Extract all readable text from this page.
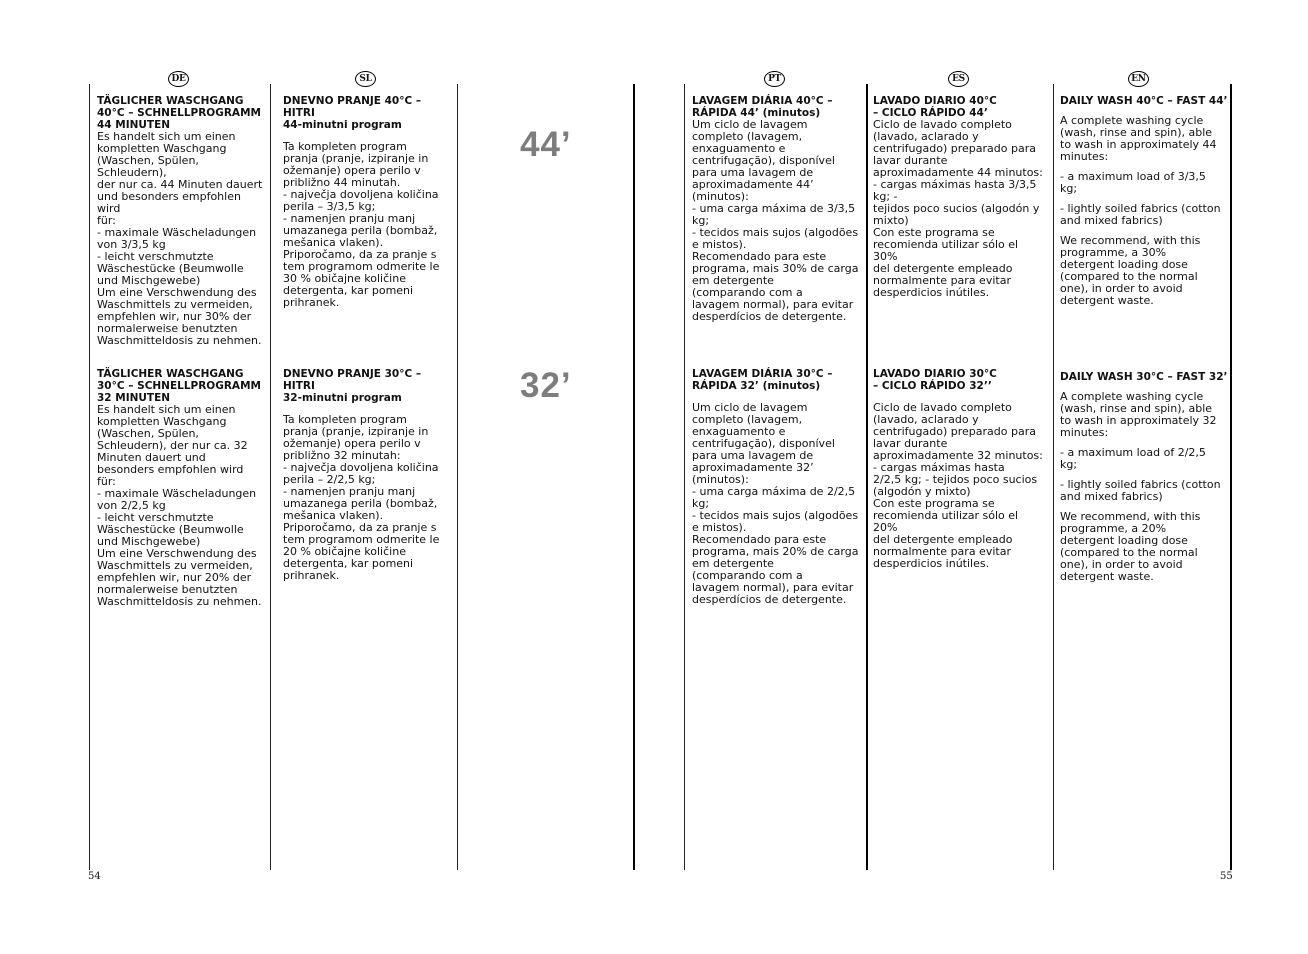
DE	SL	PT	ES	EN
44’
32’
TÄGLICHER WASCHGANG
40°C – SCHNELLPROGRAMM
44 MINUTEN
Es handelt sich um einen
kompletten Waschgang
(Waschen, Spülen, Schleudern),
der nur ca. 44 Minuten dauert
und besonders empfohlen wird
für:
- maximale Wäscheladungen
von 3/3,5 kg
- leicht verschmutzte
Wäschestücke (Beumwolle
und Mischgewebe)
Um eine Verschwendung des
Waschmittels zu vermeiden,
empfehlen wir, nur 30% der
normalerweise benutzten
Waschmitteldosis zu nehmen.
TÄGLICHER WASCHGANG
30°C – SCHNELLPROGRAMM
32 MINUTEN
Es handelt sich um einen
kompletten Waschgang
(Waschen, Spülen,
Schleudern), der nur ca. 32
Minuten dauert und
besonders empfohlen wird
für:
- maximale Wäscheladungen
von 2/2,5 kg
- leicht verschmutzte
Wäschestücke (Beumwolle
und Mischgewebe)
Um eine Verschwendung des
Waschmittels zu vermeiden,
empfehlen wir, nur 20% der
normalerweise benutzten
Waschmitteldosis zu nehmen.
DNEVNO PRANJE 40°C – HITRI
44-minutni program
Ta kompleten program
pranja (pranje, izpiranje in
ožemanje) opera perilo v
približno 44 minutah.
- največja dovoljena količina
perila – 3/3,5 kg;
- namenjen pranju manj
umazanega perila (bombaž,
mešanica vlaken).
Priporočamo, da za pranje s
tem programom odmerite le
30 % običajne količine
detergenta, kar pomeni
prihranek.
DNEVNO PRANJE 30°C – HITRI
32-minutni program
Ta kompleten program
pranja (pranje, izpiranje in
ožemanje) opera perilo v
približno 32 minutah:
- največja dovoljena količina
perila – 2/2,5 kg;
- namenjen pranju manj
umazanega perila (bombaž,
mešanica vlaken).
Priporočamo, da za pranje s
tem programom odmerite le
20 % običajne količine
detergenta, kar pomeni
prihranek.
LAVAGEM DIÁRIA 40°C –
RÁPIDA 44’ (minutos)
Um ciclo de lavagem
completo (lavagem,
enxaguamento e
centrifugação), disponível
para uma lavagem de
aproximadamente 44’
(minutos):
- uma carga máxima de 3/3,5
kg;
- tecidos mais sujos (algodões
e mistos).
Recomendado para este
programa, mais 30% de carga
em detergente
(comparando com a
lavagem normal), para evitar
desperdícios de detergente.
LAVAGEM DIÁRIA 30°C –
RÁPIDA 32’ (minutos)
Um ciclo de lavagem
completo (lavagem,
enxaguamento e
centrifugação), disponível
para uma lavagem de
aproximadamente 32’
(minutos):
- uma carga máxima de 2/2,5
kg;
- tecidos mais sujos (algodões
e mistos).
Recomendado para este
programa, mais 20% de carga
em detergente
(comparando com a
lavagem normal), para evitar
desperdícios de detergente.
LAVADO DIARIO 40°C
– CICLO RÁPIDO 44’
Ciclo de lavado completo
(lavado, aclarado y
centrifugado) preparado para
lavar durante
aproximadamente 44 minutos:
- cargas máximas hasta 3/3,5
kg; -
tejidos poco sucios (algodón y
mixto)
Con este programa se
recomienda utilizar sólo el 30%
del detergente empleado
normalmente para evitar
desperdicios inútiles.
LAVADO DIARIO 30°C
– CICLO RÁPIDO 32’’
Ciclo de lavado completo
(lavado, aclarado y
centrifugado) preparado para
lavar durante
aproximadamente 32 minutos:
- cargas máximas hasta
2/2,5 kg; - tejidos poco sucios
(algodón y mixto)
Con este programa se
recomienda utilizar sólo el 20%
del detergente empleado
normalmente para evitar
desperdicios inútiles.
DAILY WASH 40°C – FAST 44’
A complete washing cycle
(wash, rinse and spin), able
to wash in approximately 44
minutes:
- a maximum load of 3/3,5
kg;
- lightly soiled fabrics (cotton
and mixed fabrics)
We recommend, with this
programme, a 30%
detergent loading dose
(compared to the normal
one), in order to avoid
detergent waste.
DAILY WASH 30°C – FAST 32’
A complete washing cycle
(wash, rinse and spin), able
to wash in approximately 32
minutes:
- a maximum load of 2/2,5
kg;
- lightly soiled fabrics (cotton
and mixed fabrics)
We recommend, with this
programme, a 20%
detergent loading dose
(compared to the normal
one), in order to avoid
detergent waste.
54	55
